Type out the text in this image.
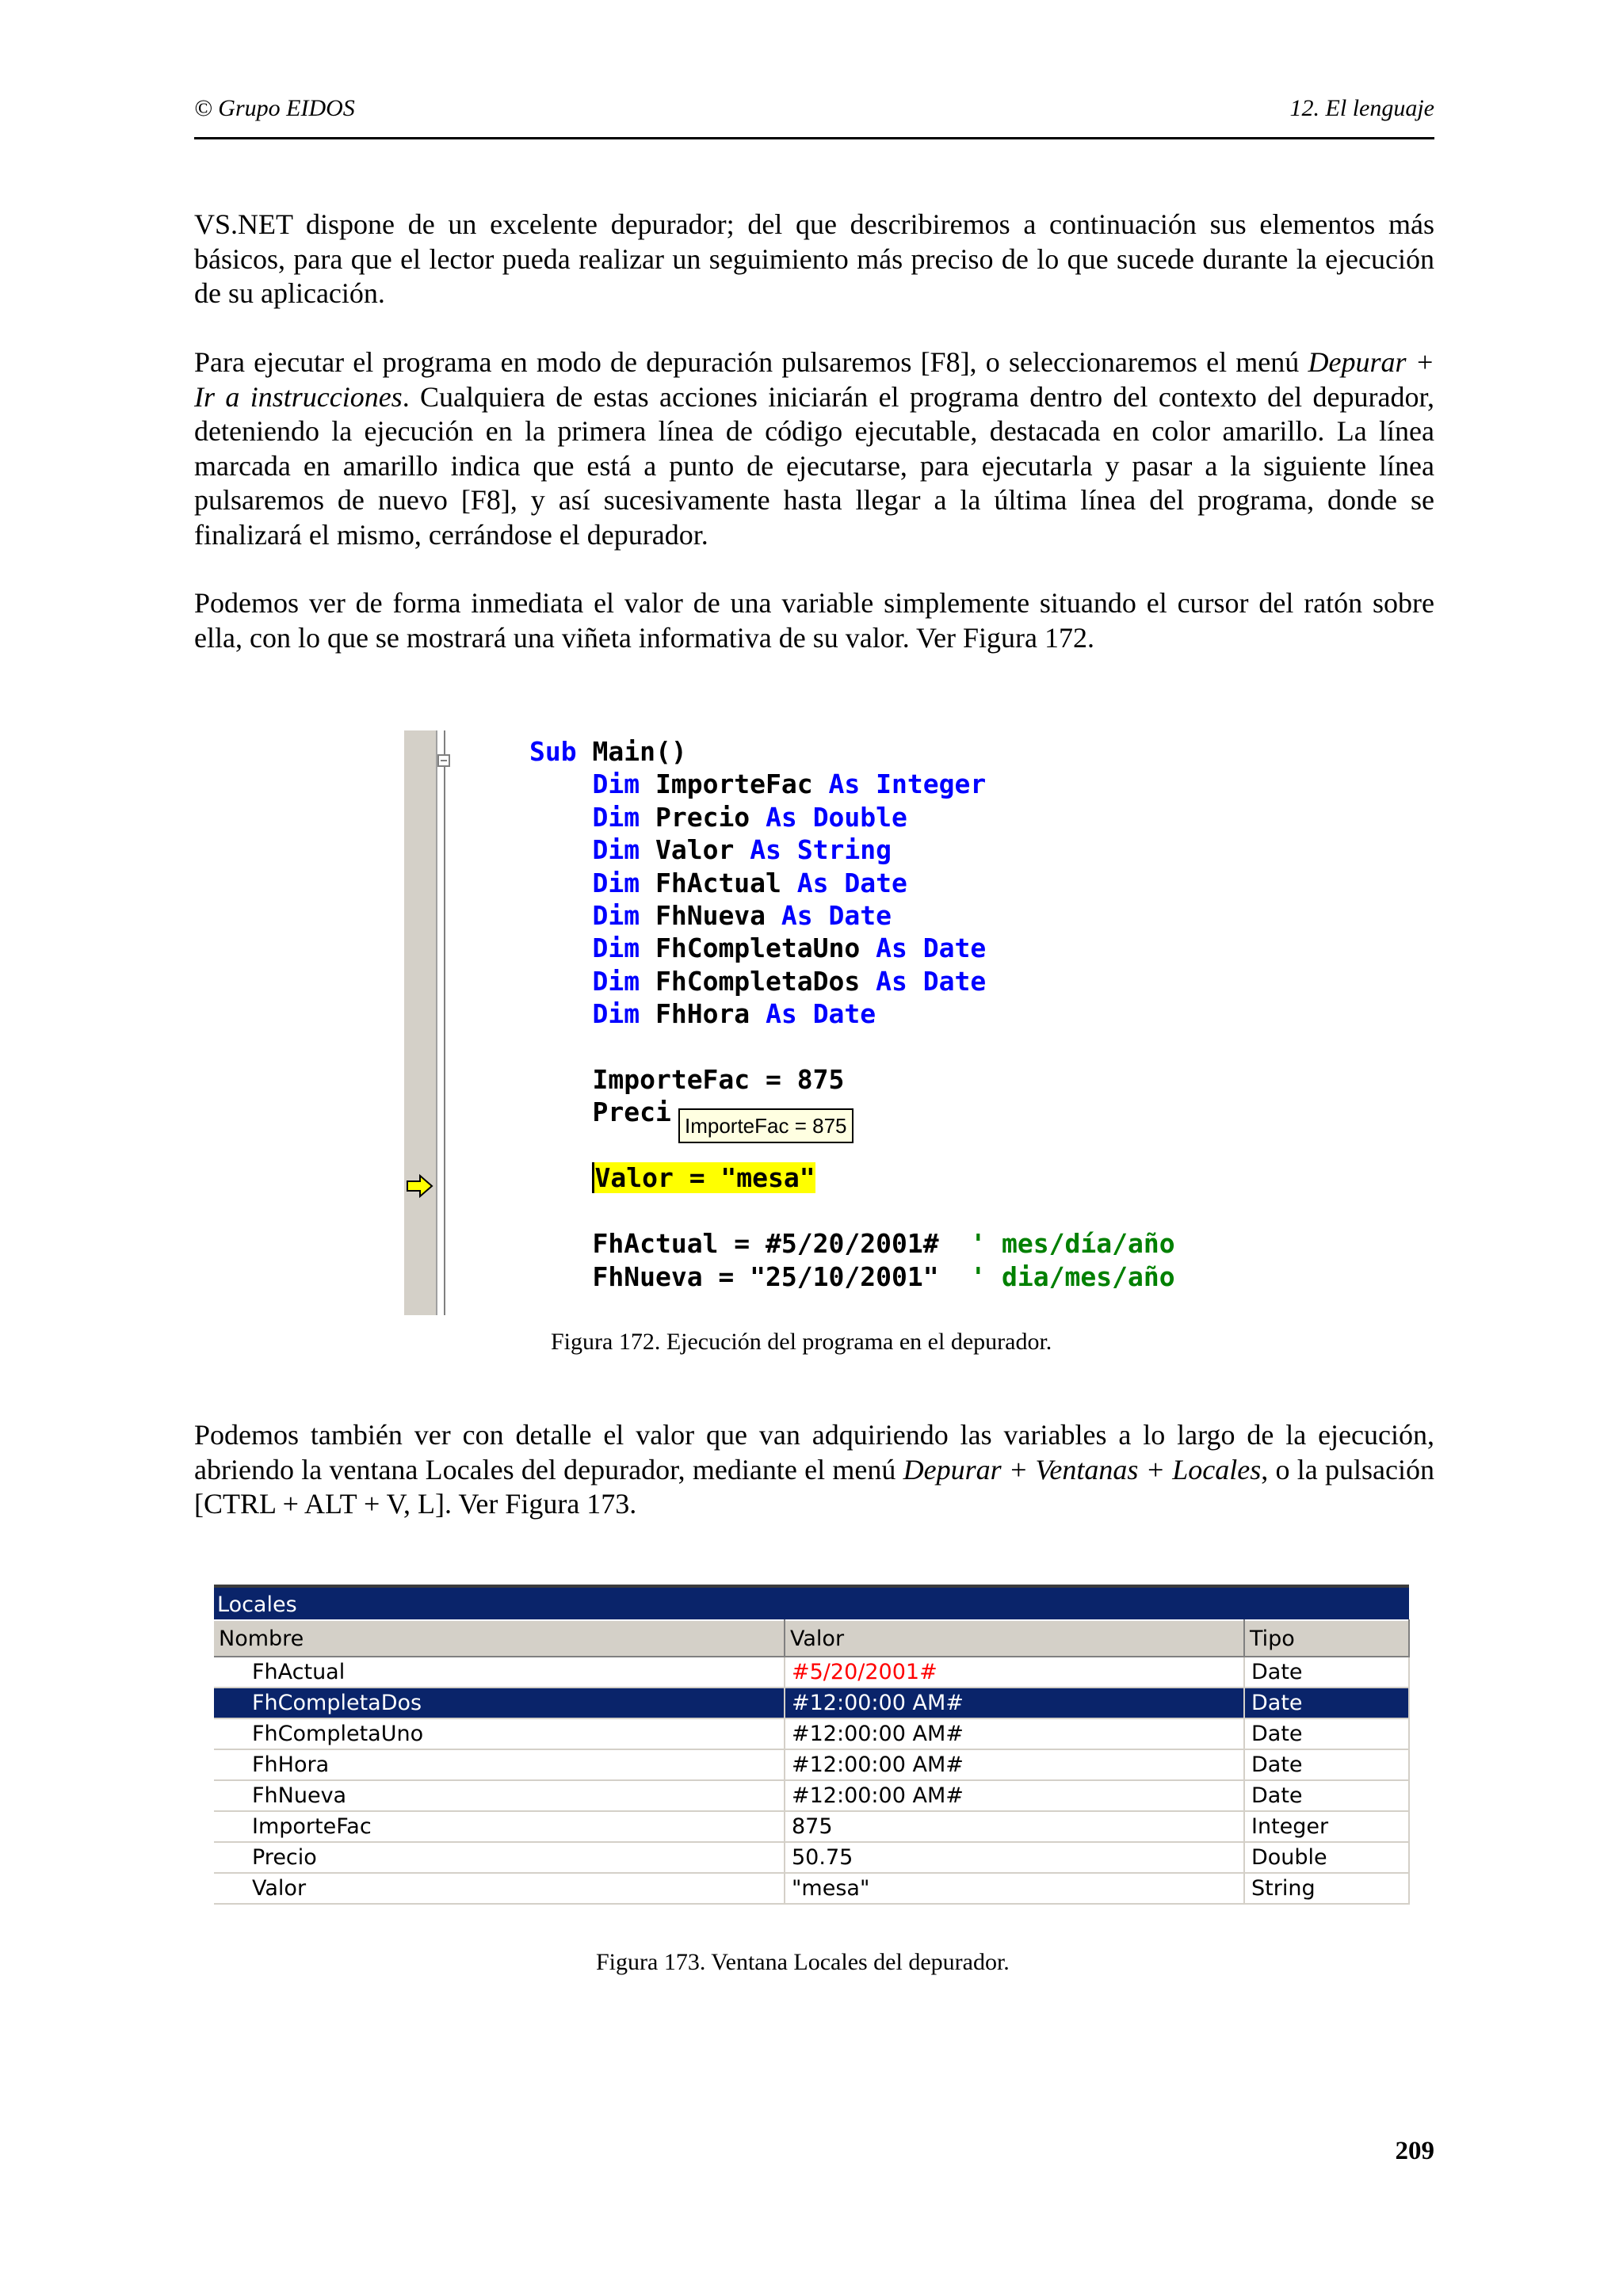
© Grupo EIDOS	12. El lenguaje

VS.NET dispone de un excelente depurador; del que describiremos a continuación sus elementos más básicos, para que el lector pueda realizar un seguimiento más preciso de lo que sucede durante la ejecución de su aplicación.

Para ejecutar el programa en modo de depuración pulsaremos [F8], o seleccionaremos el menú Depurar + Ir a instrucciones. Cualquiera de estas acciones iniciarán el programa dentro del contexto del depurador, deteniendo la ejecución en la primera línea de código ejecutable, destacada en color amarillo. La línea marcada en amarillo indica que está a punto de ejecutarse, para ejecutarla y pasar a la siguiente línea pulsaremos de nuevo [F8], y así sucesivamente hasta llegar a la última línea del programa, donde se finalizará el mismo, cerrándose el depurador.

Podemos ver de forma inmediata el valor de una variable simplemente situando el cursor del ratón sobre ella, con lo que se mostrará una viñeta informativa de su valor. Ver Figura 172.

Sub Main()
Dim ImporteFac As Integer
Dim Precio As Double
Dim Valor As String
Dim FhActual As Date
Dim FhNueva As Date
Dim FhCompletaUno As Date
Dim FhCompletaDos As Date
Dim FhHora As Date

ImporteFac = 875
Preci

Valor = "mesa"

FhActual = #5/20/2001#  ' mes/día/año
FhNueva = "25/10/2001"  ' dia/mes/año
ImporteFac = 875
Figura 172. Ejecución del programa en el depurador.

Podemos también ver con detalle el valor que van adquiriendo las variables a lo largo de la ejecución, abriendo la ventana Locales del depurador, mediante el menú Depurar + Ventanas + Locales, o la pulsación [CTRL + ALT + V, L]. Ver Figura 173.

Locales
Nombre	Valor	Tipo
FhActual	#5/20/2001#	Date
FhCompletaDos	#12:00:00 AM#	Date
FhCompletaUno	#12:00:00 AM#	Date
FhHora	#12:00:00 AM#	Date
FhNueva	#12:00:00 AM#	Date
ImporteFac	875	Integer
Precio	50.75	Double
Valor	"mesa"	String
Figura 173. Ventana Locales del depurador.
209
